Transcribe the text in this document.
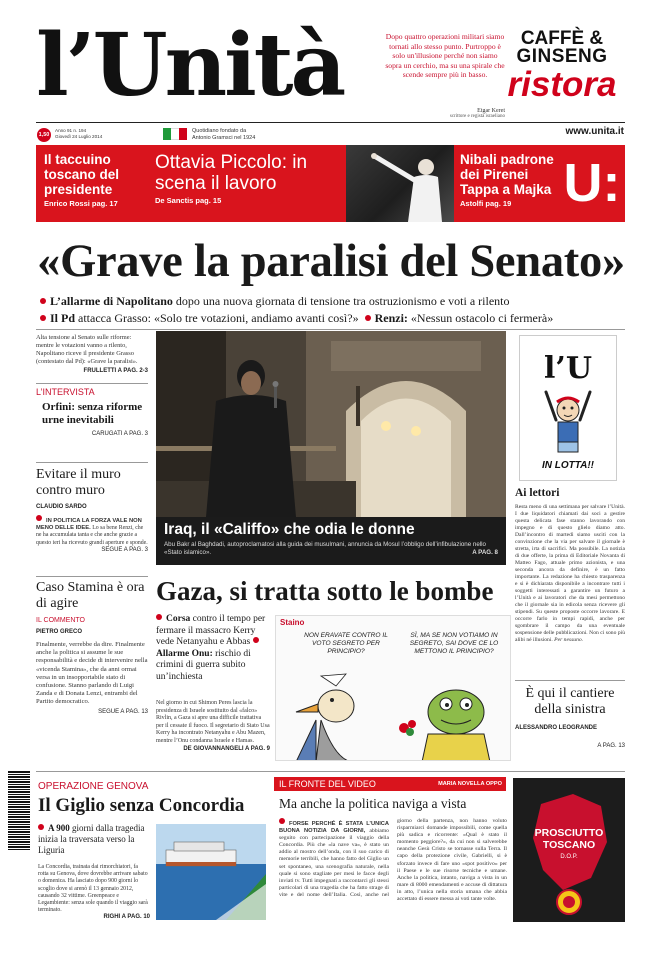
l’Unità	Dopo quattro operazioni militari siamo tornati allo stesso punto. Purtroppo è solo un'illusione perché non siamo sopra un cerchio, ma su una spirale che scende sempre più in basso.
Etgar Keret
scrittore e regista israeliano
CAFFÈ &
GINSENG
ristora
1,50
Anno 91 n. 194
Giovedì 24 Luglio 2014
Quotidiano fondato da
Antonio Gramsci nel 1924
www.unita.it
Il taccuino toscano del presidente
Enrico Rossi pag. 17
Ottavia Piccolo: in scena il lavoro
De Sanctis pag. 15
Nibali padrone dei Pirenei Tappa a Majka
Astolfi pag. 19 U:
«Grave la paralisi del Senato»
L’allarme di Napolitano dopo una nuova giornata di tensione tra ostruzionismo e voti a rilento
Il Pd attacca Grasso: «Solo tre votazioni, andiamo avanti così?» Renzi: «Nessun ostacolo ci fermerà»
Alta tensione al Senato sulle riforme: mentre le votazioni vanno a rilento, Napolitano riceve il presidente Grasso (contestato dal Pd): «Grave la paralisi».
FRULLETTI A PAG. 2-3
L’INTERVISTA
Orfini: senza riforme urne inevitabili
CARUGATI A PAG. 3
Evitare il muro contro muro
CLAUDIO SARDO
IN POLITICA LA FORZA VALE NON MENO DELLE IDEE. Lo sa bene Renzi, che ne ha accumulata tanta e che anche grazie a questo ieri ha ricevuto grandi aperture e sponde.
SEGUE A PAG. 3
Caso Stamina è ora di agire
IL COMMENTO
PIETRO GRECO
Finalmente, verrebbe da dire. Finalmente anche la politica si assume le sue responsabilità e decide di intervenire nella «vicenda Stamina», che da anni ormai versa in un insopportabile stato di confusione. Stanno parlando di Luigi Zanda e di Donata Lenzi, entrambi del Partito democratico.
SEGUE A PAG. 13
Iraq, il «Califfo» che odia le donne
Abu Bakr al Baghdadi, autoproclamatosi alla guida dei musulmani, annuncia da Mosul l’obbligo dell’infibulazione nello «Stato islamico».	A PAG. 8
l’U
IN LOTTA!!
Ai lettori
Resta meno di una settimana per salvare l’Unità. I due liquidatori chiamati dai soci a gestire questa delicata fase stanno lavorando con impegno e di questo glielo diamo atto. Dall’incontro di martedì siamo usciti con la convinzione che la via per salvare il giornale è stretta, irta di sacrifici. Ma possibile. La notizia di due offerte, la prima di Editoriale Novanta di Matteo Fago, attuale primo azionista, e una seconda ancora da definire, è un fatto importante. La redazione ha chiesto trasparenza e si è dichiarata disponibile a incontrare tutti i soggetti interessati a garantire un futuro a l’Unità e ai lavoratori che da mesi permettono che il giornale sia in edicola senza ricevere gli stipendi. Su queste proposte occorre lavorare. E occorre farlo in tempi rapidi, anche per sgombrare il campo da una eventuale sospensione delle pubblicazioni. Non ci sono più alibi né illusioni. Per nessuno.
È qui il cantiere della sinistra
ALESSANDRO LEOGRANDE
A PAG. 13
Gaza, si tratta sotto le bombe
Corsa contro il tempo per fermare il massacro Kerry vede Netanyahu e Abbas Allarme Onu: rischio di crimini di guerra subito un’inchiesta
Nel giorno in cui Shimon Peres lascia la presidenza di Israele sostituito dal «falco» Rivlin, a Gaza si apre una difficile trattativa per il cessate il fuoco. Il segretario di Stato Usa Kerry ha incontrato Netanyahu e Abu Mazen, mentre l’Onu condanna Israele e Hamas.
DE GIOVANNANGELI A PAG. 9
Staino
NON ERAVATE CONTRO IL VOTO SEGRETO PER PRINCIPIO?
SÌ, MA SE NON VOTIAMO IN SEGRETO, SAI DOVE CE LO METTONO IL PRINCIPIO?
OPERAZIONE GENOVA
Il Giglio senza Concordia
A 900 giorni dalla tragedia inizia la traversata verso la Liguria
La Concordia, trainata dai rimorchiatori, fa rotta su Genova, dove dovrebbe arrivare sabato o domenica. Ha lasciato dopo 900 giorni lo scoglio dove si arenò il 13 gennaio 2012, causando 32 vittime. Greenpeace e Legambiente: senza sole quando il viaggio sarà terminato.
RIGHI A PAG. 10
IL FRONTE DEL VIDEO	MARIA NOVELLA OPPO
Ma anche la politica naviga a vista
FORSE PERCHÉ È STATA L’UNICA BUONA NOTIZIA DA GIORNI, abbiamo seguito con partecipazione il viaggio della Concordia. Più che «la nave va», è stato un addio al mostro dell’onda, con il suo carico di memorie terribili, che hanno fatto del Giglio un set spontaneo, una scenografia naturale, nella quale si sono stagliate per mesi le facce degli inviati tv. Tutti impegnati a raccontarci gli stessi particolari di una tragedia che ha fatto strage di vite e del nome dell’Italia. Così, anche nel giorno della partenza, non hanno voluto risparmiarci domande impossibili, come quella più sadica e ricorrente: «Qual è stato il momento peggiore?», da cui non si salverebbe neanche Gesù Cristo se tornasse sulla Terra. Il capo della protezione civile, Gabrielli, si è sforzato invece di fare uno «spot positivo» per il Paese e le sue risorse tecniche e umane. Anche la politica, intanto, naviga a vista in un mare di 8000 emendamenti e accuse di dittatura in atto, l’unica nella storia umana che abbia accettato di essere messa ai voti tante volte.
PROSCIUTTO
TOSCANO
D.O.P.
